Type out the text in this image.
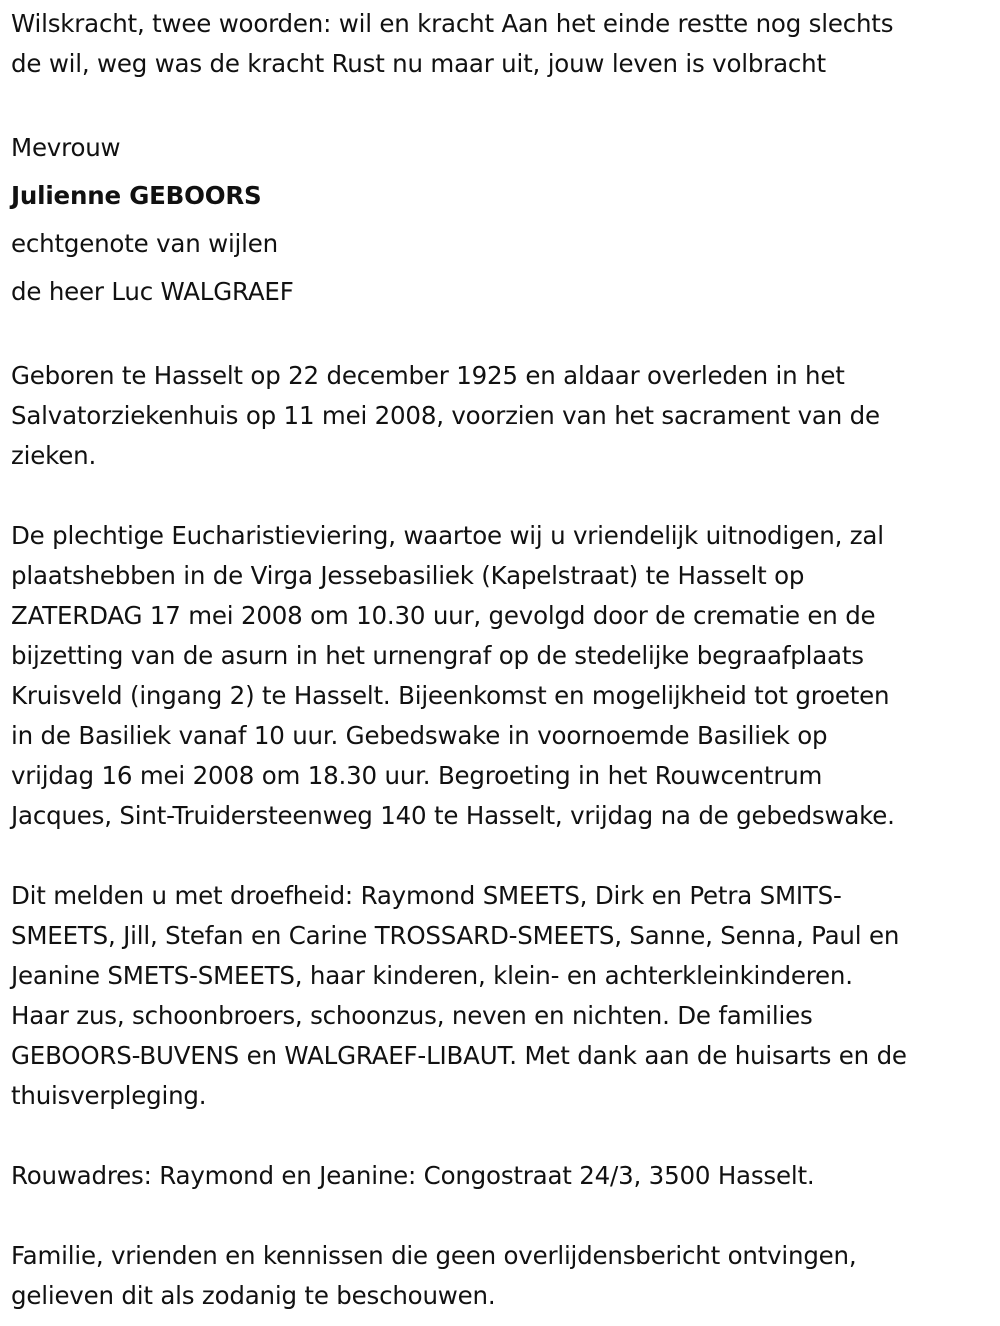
Wilskracht, twee woorden: wil en kracht Aan het einde restte nog slechts
de wil, weg was de kracht Rust nu maar uit, jouw leven is volbracht
Mevrouw
Julienne GEBOORS
echtgenote van wijlen
de heer Luc WALGRAEF
Geboren te Hasselt op 22 december 1925 en aldaar overleden in het
Salvatorziekenhuis op 11 mei 2008, voorzien van het sacrament van de
zieken.
De plechtige Eucharistieviering, waartoe wij u vriendelijk uitnodigen, zal
plaatshebben in de Virga Jessebasiliek (Kapelstraat) te Hasselt op
ZATERDAG 17 mei 2008 om 10.30 uur, gevolgd door de crematie en de
bijzetting van de asurn in het urnengraf op de stedelijke begraafplaats
Kruisveld (ingang 2) te Hasselt. Bijeenkomst en mogelijkheid tot groeten
in de Basiliek vanaf 10 uur. Gebedswake in voornoemde Basiliek op
vrijdag 16 mei 2008 om 18.30 uur. Begroeting in het Rouwcentrum
Jacques, Sint-Truidersteenweg 140 te Hasselt, vrijdag na de gebedswake.
Dit melden u met droefheid: Raymond SMEETS, Dirk en Petra SMITS-
SMEETS, Jill, Stefan en Carine TROSSARD-SMEETS, Sanne, Senna, Paul en
Jeanine SMETS-SMEETS, haar kinderen, klein- en achterkleinkinderen.
Haar zus, schoonbroers, schoonzus, neven en nichten. De families
GEBOORS-BUVENS en WALGRAEF-LIBAUT. Met dank aan de huisarts en de
thuisverpleging.
Rouwadres: Raymond en Jeanine: Congostraat 24/3, 3500 Hasselt.
Familie, vrienden en kennissen die geen overlijdensbericht ontvingen,
gelieven dit als zodanig te beschouwen.
